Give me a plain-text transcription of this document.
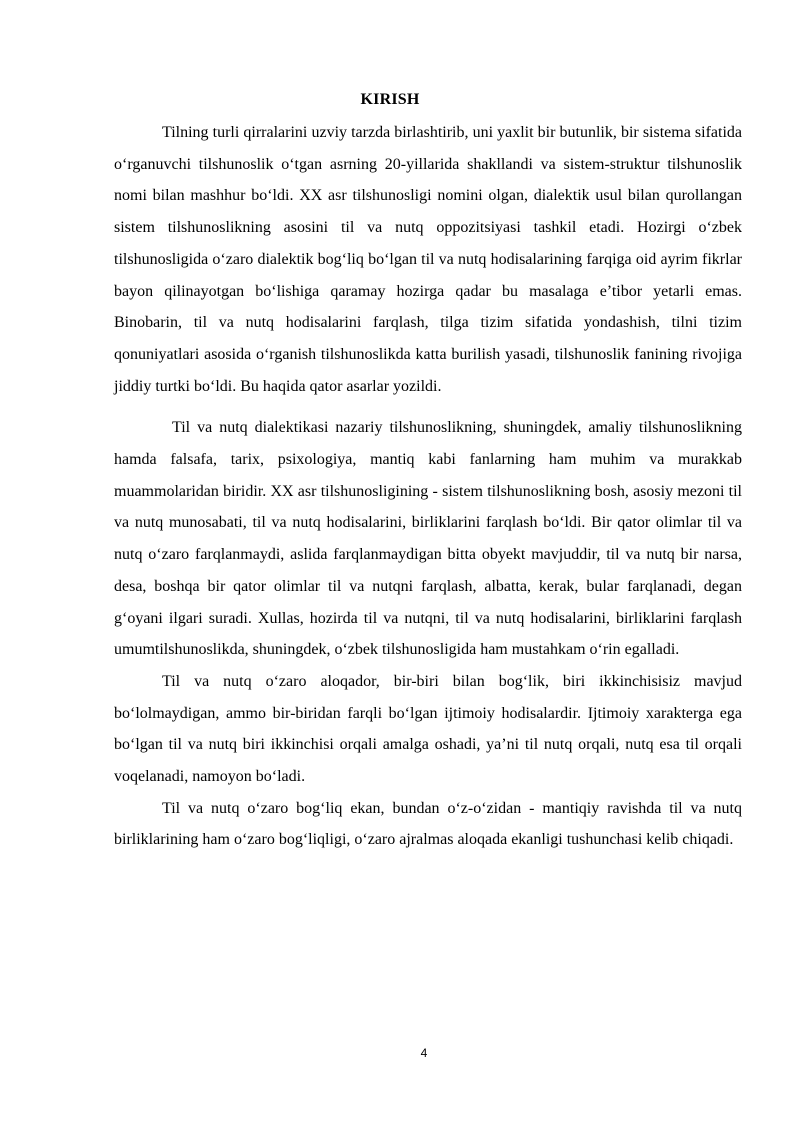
KIRISH

Tilning turli qirralarini uzviy tarzda birlashtirib, uni yaxlit bir butunlik, bir sistema sifatida oʻrganuvchi tilshunoslik oʻtgan asrning 20-yillarida shakllandi va sistem-struktur tilshunoslik nomi bilan mashhur boʻldi. XX asr tilshunosligi nomini olgan, dialektik usul bilan qurollangan sistem tilshunoslikning asosini til va nutq oppozitsiyasi tashkil etadi. Hozirgi oʻzbek tilshunosligida oʻzaro dialektik bogʻliq boʻlgan til va nutq hodisalarining farqiga oid ayrim fikrlar bayon qilinayotgan boʻlishiga qaramay hozirga qadar bu masalaga e’tibor yetarli emas. Binobarin, til va nutq hodisalarini farqlash, tilga tizim sifatida yondashish, tilni tizim qonuniyatlari asosida oʻrganish tilshunoslikda katta burilish yasadi, tilshunoslik fanining rivojiga jiddiy turtki boʻldi. Bu haqida qator asarlar yozildi.

Til va nutq dialektikasi nazariy tilshunoslikning, shuningdek, amaliy tilshunoslikning hamda falsafa, tarix, psixologiya, mantiq kabi fanlarning ham muhim va murakkab muammolaridan biridir. XX asr tilshunosligining - sistem tilshunoslikning bosh, asosiy mezoni til va nutq munosabati, til va nutq hodisalarini, birliklarini farqlash boʻldi. Bir qator olimlar til va nutq oʻzaro farqlanmaydi, aslida farqlanmaydigan bitta obyekt mavjuddir, til va nutq bir narsa, desa, boshqa bir qator olimlar til va nutqni farqlash, albatta, kerak, bular farqlanadi, degan gʻoyani ilgari suradi. Xullas, hozirda til va nutqni, til va nutq hodisalarini, birliklarini farqlash umumtilshunoslikda, shuningdek, oʻzbek tilshunosligida ham mustahkam oʻrin egalladi.

Til va nutq oʻzaro aloqador, bir-biri bilan bogʻlik, biri ikkinchisisiz mavjud boʻlolmaydigan, ammo bir-biridan farqli boʻlgan ijtimoiy hodisalardir. Ijtimoiy xarakterga ega boʻlgan til va nutq biri ikkinchisi orqali amalga oshadi, ya’ni til nutq orqali, nutq esa til orqali voqelanadi, namoyon boʻladi.

Til va nutq oʻzaro bogʻliq ekan, bundan oʻz-oʻzidan - mantiqiy ravishda til va nutq birliklarining ham oʻzaro bogʻliqligi, oʻzaro ajralmas aloqada ekanligi tushunchasi kelib chiqadi.

4
